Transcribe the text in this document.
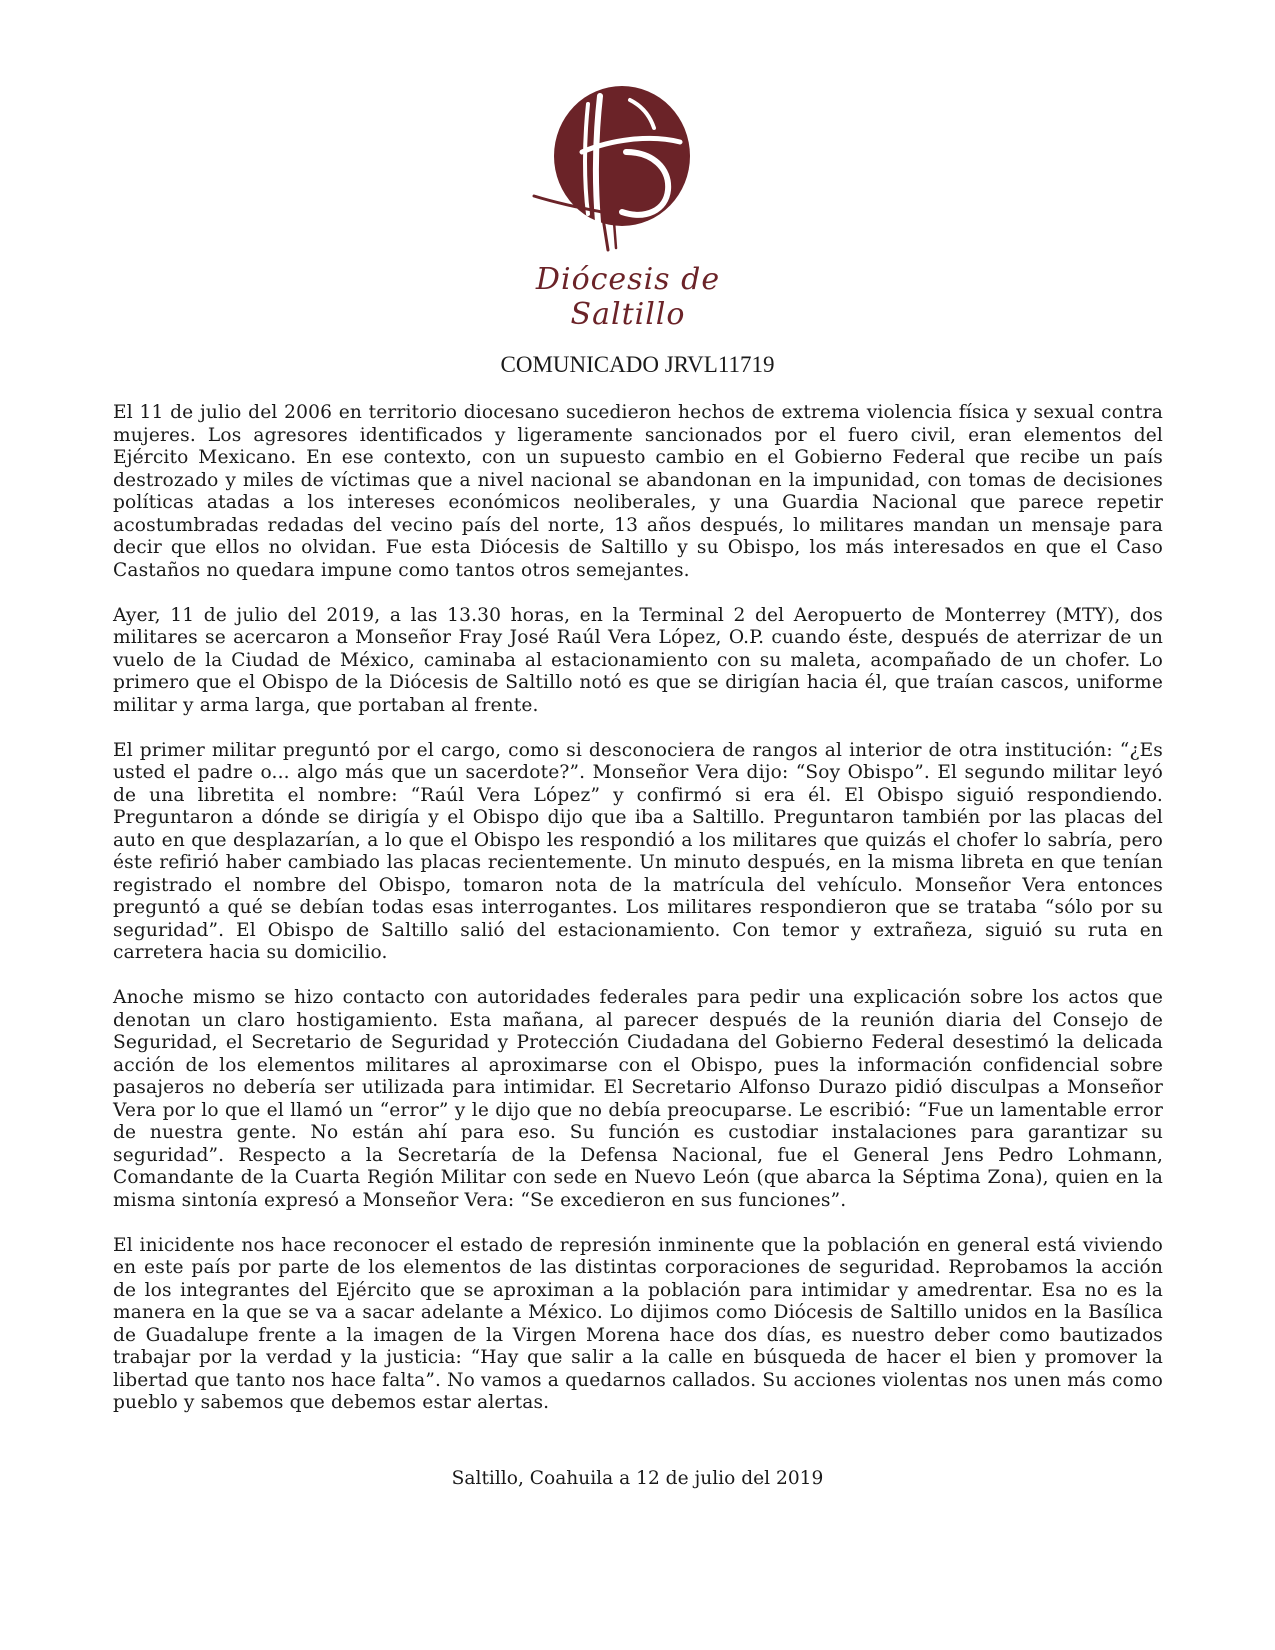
Diócesis de Saltillo
COMUNICADO JRVL11719

El 11 de julio del 2006 en territorio diocesano sucedieron hechos de extrema violencia física y sexual contra mujeres. Los agresores identificados y ligeramente sancionados por el fuero civil, eran elementos del Ejército Mexicano. En ese contexto, con un supuesto cambio en el Gobierno Federal que recibe un país destrozado y miles de víctimas que a nivel nacional se abandonan en la impunidad, con tomas de decisiones políticas atadas a los intereses económicos neoliberales, y una Guardia Nacional que parece repetir acostumbradas redadas del vecino país del norte, 13 años después, lo militares mandan un mensaje para decir que ellos no olvidan. Fue esta Diócesis de Saltillo y su Obispo, los más interesados en que el Caso Castaños no quedara impune como tantos otros semejantes.

Ayer, 11 de julio del 2019, a las 13.30 horas, en la Terminal 2 del Aeropuerto de Monterrey (MTY), dos militares se acercaron a Monseñor Fray José Raúl Vera López, O.P. cuando éste, después de aterrizar de un vuelo de la Ciudad de México, caminaba al estacionamiento con su maleta, acompañado de un chofer. Lo primero que el Obispo de la Diócesis de Saltillo notó es que se dirigían hacia él, que traían cascos, uniforme militar y arma larga, que portaban al frente.

El primer militar preguntó por el cargo, como si desconociera de rangos al interior de otra institución: “¿Es usted el padre o... algo más que un sacerdote?”. Monseñor Vera dijo: “Soy Obispo”. El segundo militar leyó de una libretita el nombre: “Raúl Vera López” y confirmó si era él. El Obispo siguió respondiendo. Preguntaron a dónde se dirigía y el Obispo dijo que iba a Saltillo. Preguntaron también por las placas del auto en que desplazarían, a lo que el Obispo les respondió a los militares que quizás el chofer lo sabría, pero éste refirió haber cambiado las placas recientemente. Un minuto después, en la misma libreta en que tenían registrado el nombre del Obispo, tomaron nota de la matrícula del vehículo. Monseñor Vera entonces preguntó a qué se debían todas esas interrogantes. Los militares respondieron que se trataba “sólo por su seguridad”. El Obispo de Saltillo salió del estacionamiento. Con temor y extrañeza, siguió su ruta en carretera hacia su domicilio.

Anoche mismo se hizo contacto con autoridades federales para pedir una explicación sobre los actos que denotan un claro hostigamiento. Esta mañana, al parecer después de la reunión diaria del Consejo de Seguridad, el Secretario de Seguridad y Protección Ciudadana del Gobierno Federal desestimó la delicada acción de los elementos militares al aproximarse con el Obispo, pues la información confidencial sobre pasajeros no debería ser utilizada para intimidar. El Secretario Alfonso Durazo pidió disculpas a Monseñor Vera por lo que el llamó un “error” y le dijo que no debía preocuparse. Le escribió: “Fue un lamentable error de nuestra gente. No están ahí para eso. Su función es custodiar instalaciones para garantizar su seguridad”. Respecto a la Secretaría de la Defensa Nacional, fue el General Jens Pedro Lohmann, Comandante de la Cuarta Región Militar con sede en Nuevo León (que abarca la Séptima Zona), quien en la misma sintonía expresó a Monseñor Vera: “Se excedieron en sus funciones”.

El inicidente nos hace reconocer el estado de represión inminente que la población en general está viviendo en este país por parte de los elementos de las distintas corporaciones de seguridad. Reprobamos la acción de los integrantes del Ejército que se aproximan a la población para intimidar y amedrentar. Esa no es la manera en la que se va a sacar adelante a México. Lo dijimos como Diócesis de Saltillo unidos en la Basílica de Guadalupe frente a la imagen de la Virgen Morena hace dos días, es nuestro deber como bautizados trabajar por la verdad y la justicia: “Hay que salir a la calle en búsqueda de hacer el bien y promover la libertad que tanto nos hace falta”. No vamos a quedarnos callados. Su acciones violentas nos unen más como pueblo y sabemos que debemos estar alertas.

Saltillo, Coahuila a 12 de julio del 2019
